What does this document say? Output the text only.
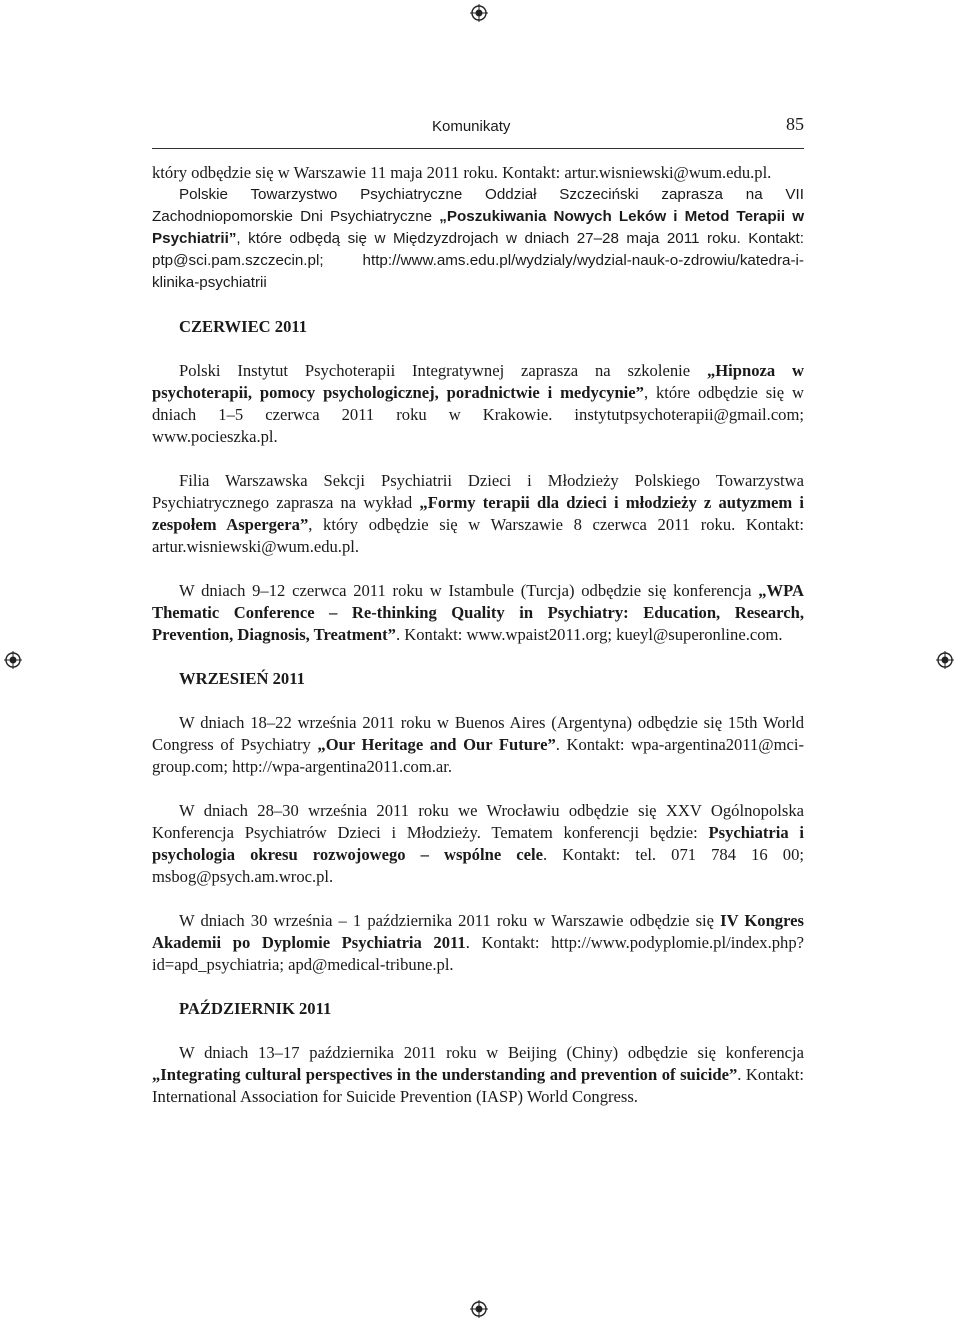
Komunikaty	85

który odbędzie się w Warszawie 11 maja 2011 roku. Kontakt: artur.wisniewski@wum.edu.pl.

Polskie Towarzystwo Psychiatryczne Oddział Szczeciński zaprasza na VII Zachodniopomorskie Dni Psychiatryczne „Poszukiwania Nowych Leków i Metod Terapii w Psychiatrii”, które odbędą się w Międzyzdrojach w dniach 27–28 maja 2011 roku. Kontakt: ptp@sci.pam.szczecin.pl; http://www.ams.edu.pl/wydzialy/wydzial-nauk-o-zdrowiu/katedra-i-klinika-psychiatrii

CZERWIEC 2011

Polski Instytut Psychoterapii Integratywnej zaprasza na szkolenie „Hipnoza w psychoterapii, pomocy psychologicznej, poradnictwie i medycynie”, które odbędzie się w dniach 1–5 czerwca 2011 roku w Krakowie. instytutpsychoterapii@gmail.com; www.pocieszka.pl.

Filia Warszawska Sekcji Psychiatrii Dzieci i Młodzieży Polskiego Towarzystwa Psychiatrycznego zaprasza na wykład „Formy terapii dla dzieci i młodzieży z autyzmem i zespołem Aspergera”, który odbędzie się w Warszawie 8 czerwca 2011 roku. Kontakt: artur.wisniewski@wum.edu.pl.

W dniach 9–12 czerwca 2011 roku w Istambule (Turcja) odbędzie się konferencja „WPA Thematic Conference – Re-thinking Quality in Psychiatry: Education, Research, Prevention, Diagnosis, Treatment”. Kontakt: www.wpaist2011.org; kueyl@superonline.com.

WRZESIEŃ 2011

W dniach 18–22 września 2011 roku w Buenos Aires (Argentyna) odbędzie się 15th World Congress of Psychiatry „Our Heritage and Our Future”. Kontakt: wpa-argentina2011@mci-group.com; http://wpa-argentina2011.com.ar.

W dniach 28–30 września 2011 roku we Wrocławiu odbędzie się XXV Ogólnopolska Konferencja Psychiatrów Dzieci i Młodzieży. Tematem konferencji będzie: Psychiatria i psychologia okresu rozwojowego – wspólne cele. Kontakt: tel. 071 784 16 00; msbog@psych.am.wroc.pl.

W dniach 30 września – 1 października 2011 roku w Warszawie odbędzie się IV Kongres Akademii po Dyplomie Psychiatria 2011. Kontakt: http://www.podyplomie.pl/index.php?id=apd_psychiatria; apd@medical-tribune.pl.

PAŹDZIERNIK 2011

W dniach 13–17 października 2011 roku w Beijing (Chiny) odbędzie się konferencja „Integrating cultural perspectives in the understanding and prevention of suicide”. Kontakt: International Association for Suicide Prevention (IASP) World Congress.
